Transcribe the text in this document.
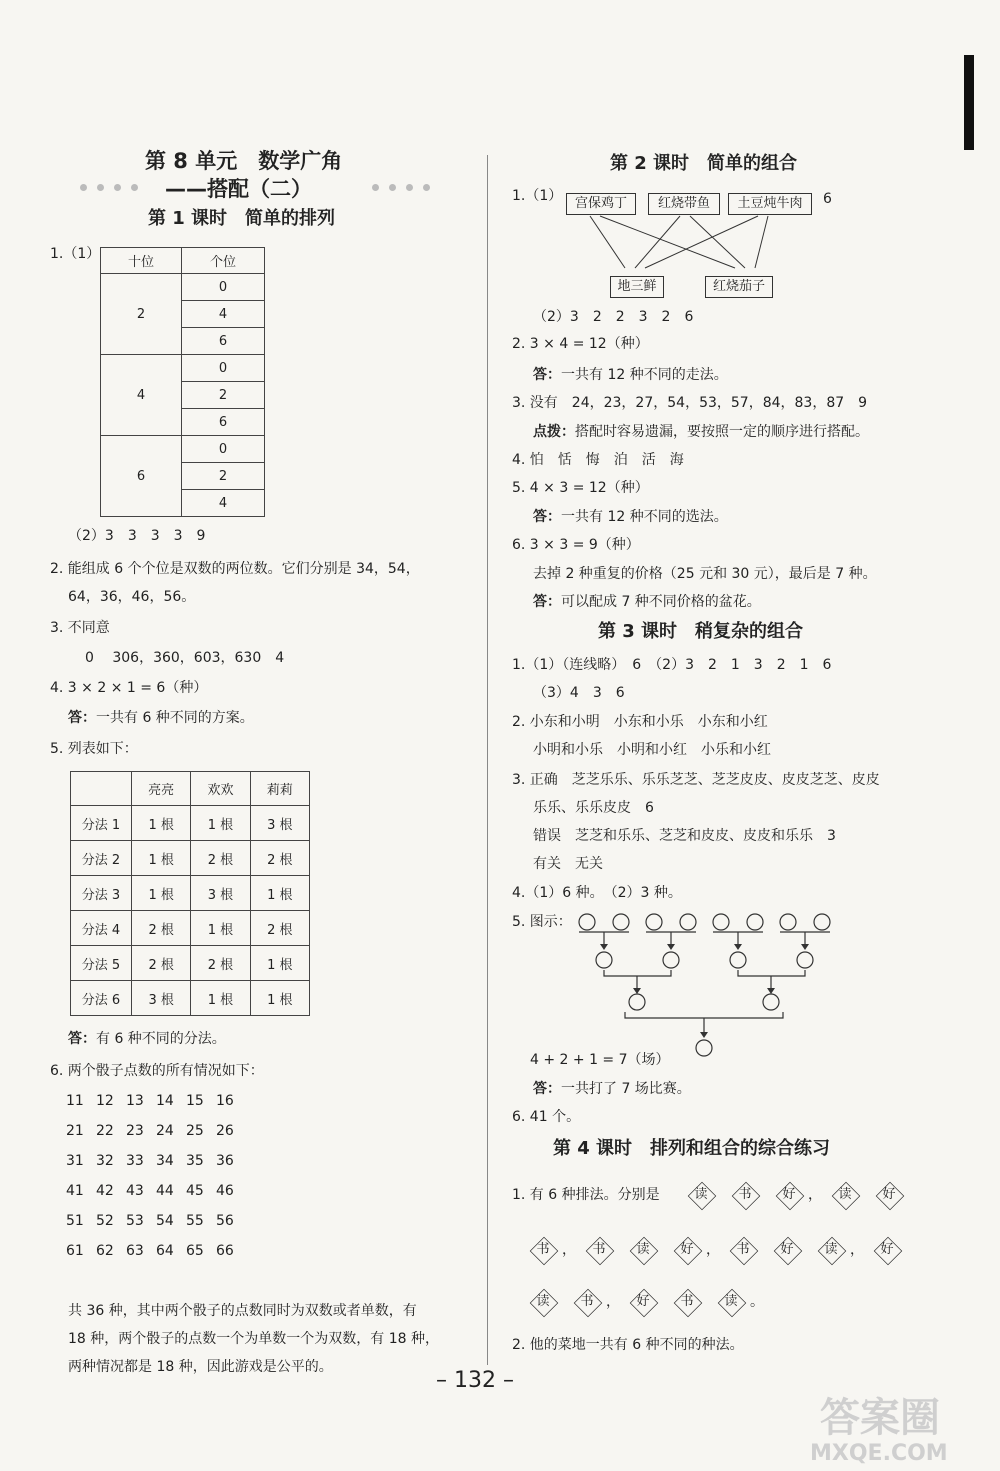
第 8 单元　数学广角
——搭配（二）
第 1 课时　简单的排列
1.（1）
十位	个位
2	0
	4
	6
4	0
	2
	6
6	0
	2
	4
（2）3　3　3　3　9
2. 能组成 6 个个位是双数的两位数。它们分别是 34，54，
64，36，46，56。
3. 不同意
0　 306，360，603，630　4
4. 3 × 2 × 1 = 6（种）
答：一共有 6 种不同的方案。
5. 列表如下：
	亮亮	欢欢	莉莉
分法 1	1 根	1 根	3 根
分法 2	1 根	2 根	2 根
分法 3	1 根	3 根	1 根
分法 4	2 根	1 根	2 根
分法 5	2 根	2 根	1 根
分法 6	3 根	1 根	1 根
答：有 6 种不同的分法。
6. 两个骰子点数的所有情况如下：
11 12 13 14 15 16
21 22 23 24 25 26
31 32 33 34 35 36
41 42 43 44 45 46
51 52 53 54 55 56
61 62 63 64 65 66
共 36 种，其中两个骰子的点数同时为双数或者单数，有
18 种，两个骰子的点数一个为单数一个为双数，有 18 种，
两种情况都是 18 种，因此游戏是公平的。
第 2 课时　简单的组合
1.（1） 宫保鸡丁	红烧带鱼	土豆炖牛肉
地三鲜	红烧茄子
6
（2）3　2　2　3　2　6
2. 3 × 4 = 12（种）
答：一共有 12 种不同的走法。
3. 没有　24，23，27，54，53，57，84，83，87　9
点拨：搭配时容易遗漏，要按照一定的顺序进行搭配。
4. 怕　恬　悔　泊　活　海
5. 4 × 3 = 12（种）
答：一共有 12 种不同的选法。
6. 3 × 3 = 9（种）
去掉 2 种重复的价格（25 元和 30 元），最后是 7 种。
答：可以配成 7 种不同价格的盆花。
第 3 课时　稍复杂的组合
1.（1）（连线略）　6　（2）3　2　1　3　2　1　6
（3）4　3　6
2. 小东和小明　小东和小乐　小东和小红
小明和小乐　小明和小红　小乐和小红
3. 正确　芝芝乐乐、乐乐芝芝、芝芝皮皮、皮皮芝芝、皮皮
乐乐、乐乐皮皮　6
错误　芝芝和乐乐、芝芝和皮皮、皮皮和乐乐　3
有关　无关
4.（1）6 种。　（2）3 种。
5. 图示：
4 + 2 + 1 = 7（场）
答：一共打了 7 场比赛。
6. 41 个。
第 4 课时　排列和组合的综合练习
1. 有 6 种排法。分别是	读	书	好 ，	读	好
书 ，	书	读	好 ，	书	好	读 ，	好
读	书 ，	好	书	读 。
2. 他的菜地一共有 6 种不同的种法。
– 132 –
答案圈
MXQE.COM
